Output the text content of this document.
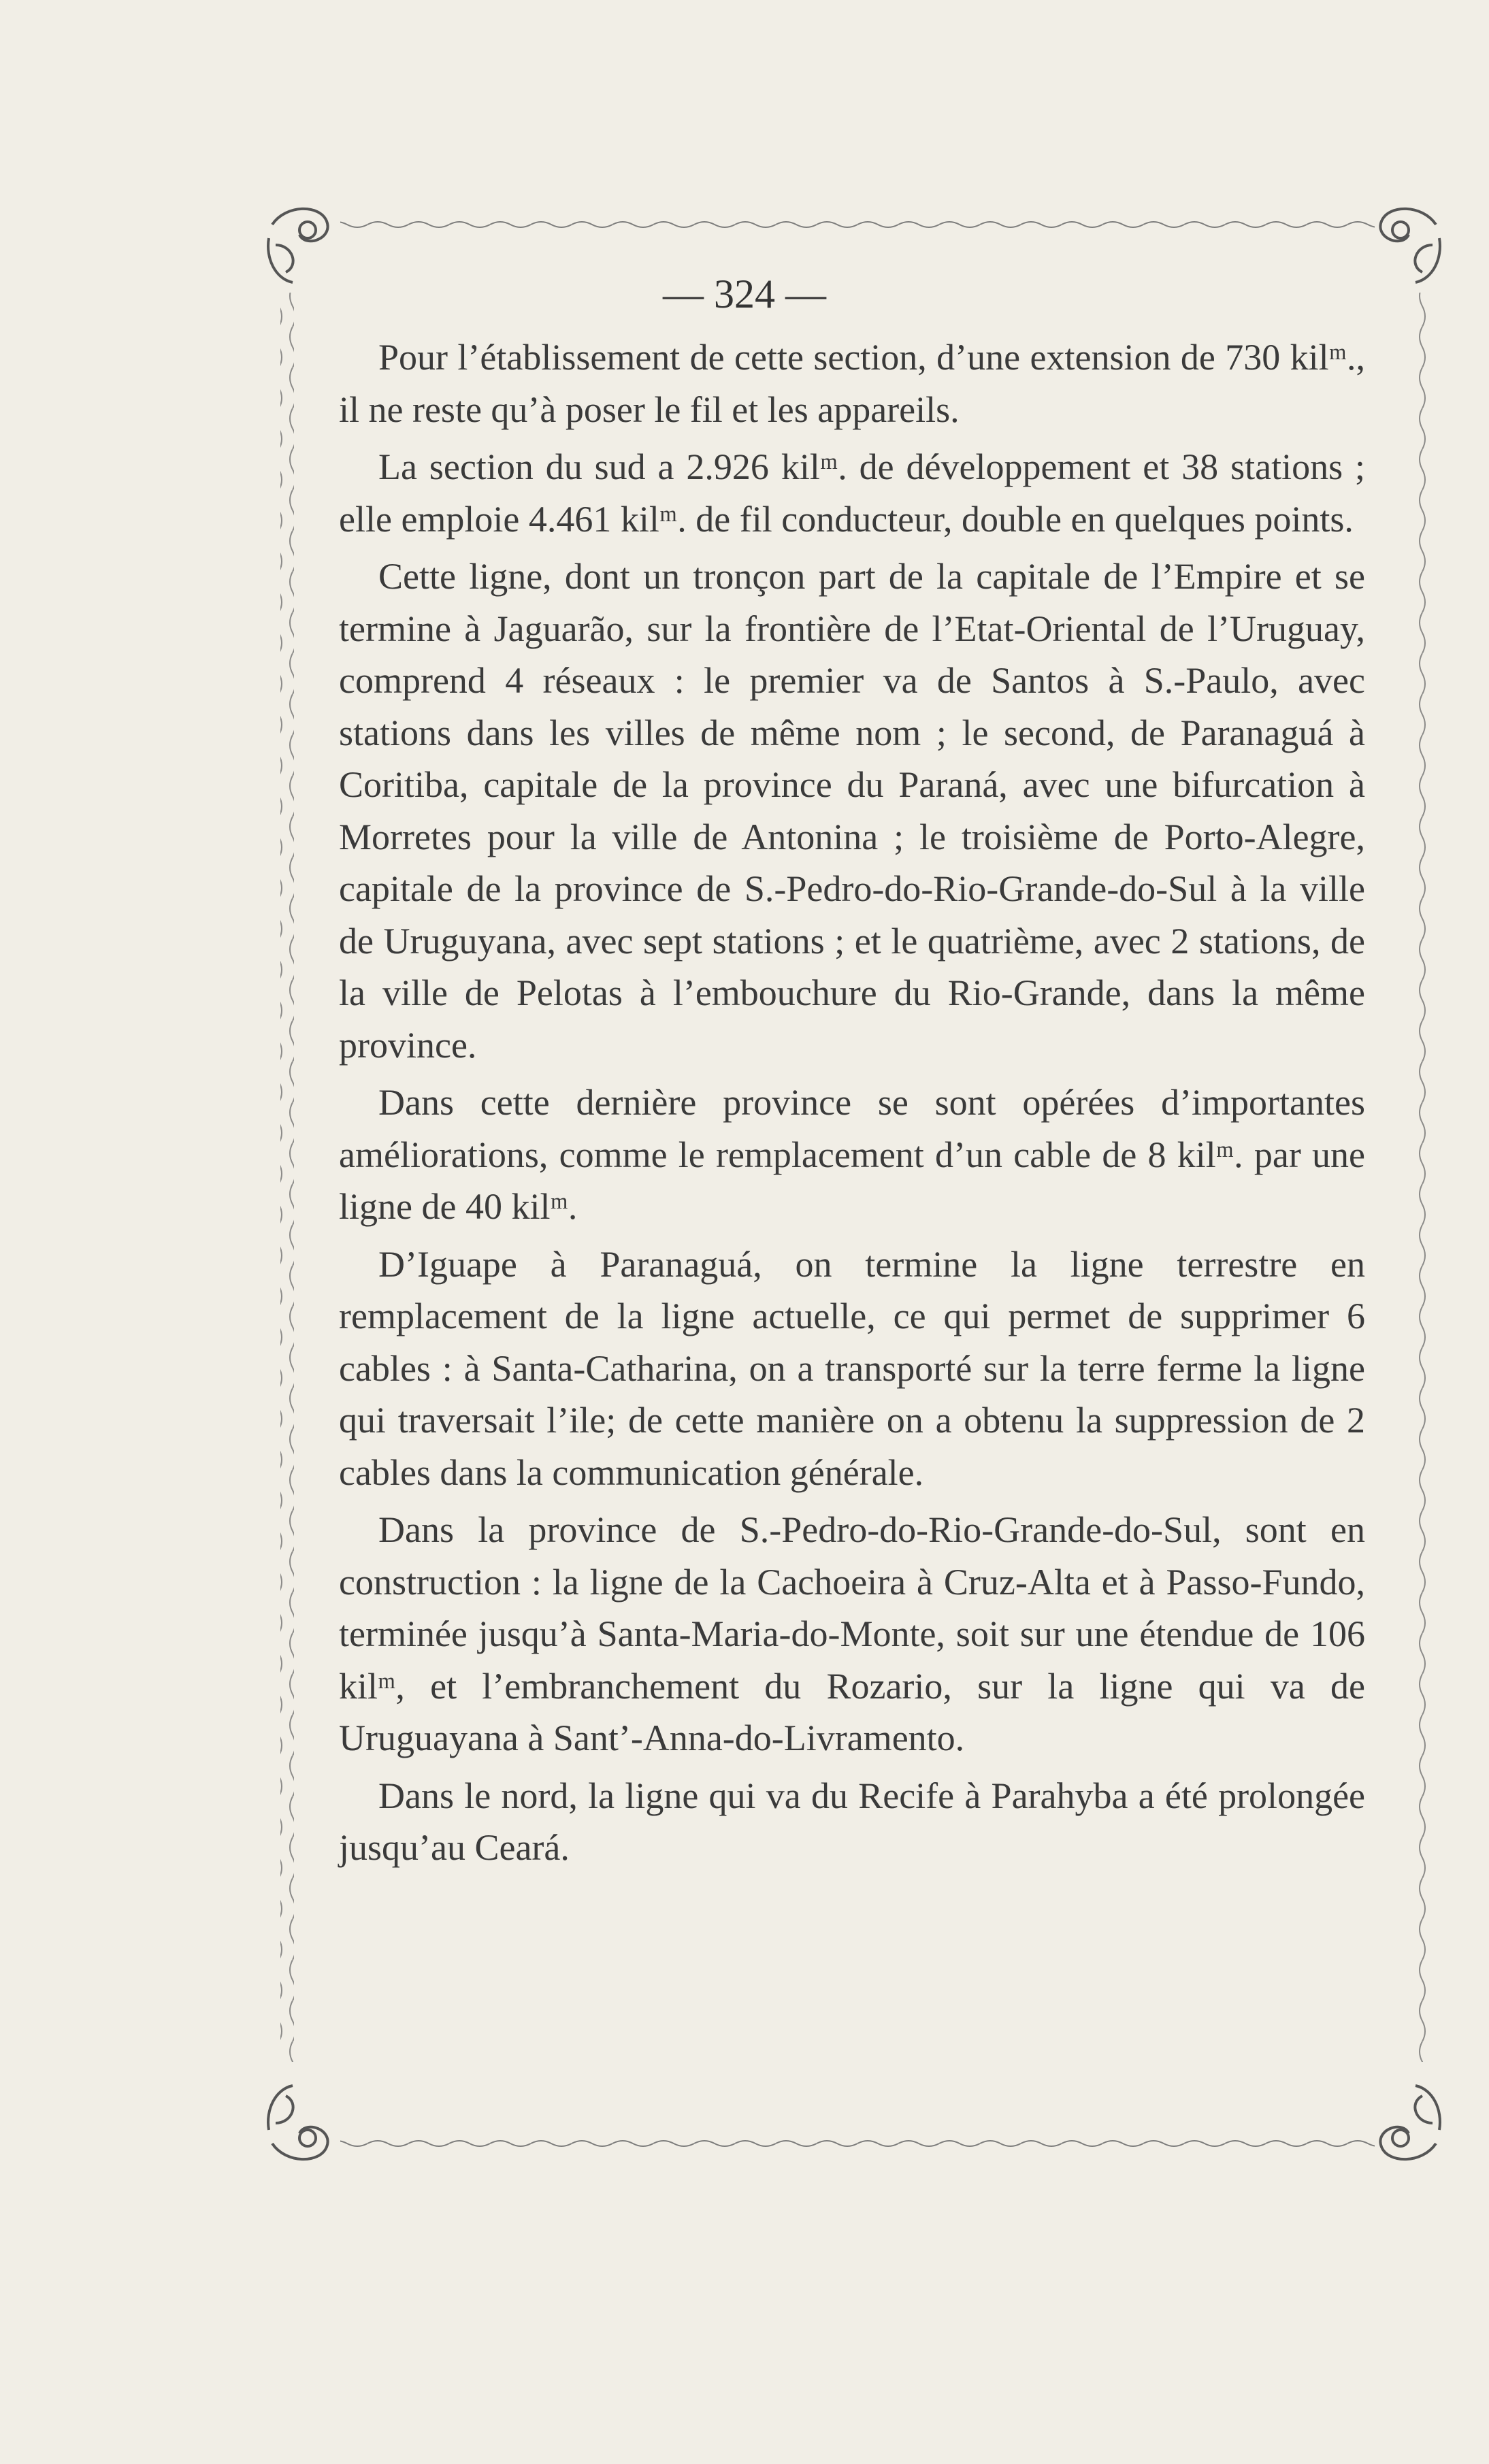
— 324 —

Pour l’établissement de cette section, d’une extension de 730 kilᵐ., il ne reste qu’à poser le fil et les appareils.

La section du sud a 2.926 kilᵐ. de développement et 38 stations ; elle emploie 4.461 kilᵐ. de fil conducteur, double en quelques points.

Cette ligne, dont un tronçon part de la capitale de l’Empire et se termine à Jaguarão, sur la frontière de l’Etat-Oriental de l’Uruguay, comprend 4 réseaux : le premier va de Santos à S.-Paulo, avec stations dans les villes de même nom ; le second, de Paranaguá à Coritiba, capitale de la province du Paraná, avec une bifurcation à Morretes pour la ville de Antonina ; le troisième de Porto-Alegre, capitale de la province de S.-Pedro-do-Rio-Grande-do-Sul à la ville de Uruguyana, avec sept stations ; et le quatrième, avec 2 stations, de la ville de Pelotas à l’embouchure du Rio-Grande, dans la même province.

Dans cette dernière province se sont opérées d’importantes améliorations, comme le remplacement d’un cable de 8 kilᵐ. par une ligne de 40 kilᵐ.

D’Iguape à Paranaguá, on termine la ligne terrestre en remplacement de la ligne actuelle, ce qui permet de supprimer 6 cables : à Santa-Catharina, on a transporté sur la terre ferme la ligne qui traversait l’ile; de cette manière on a obtenu la suppression de 2 cables dans la communication générale.

Dans la province de S.-Pedro-do-Rio-Grande-do-Sul, sont en construction : la ligne de la Cachoeira à Cruz-Alta et à Passo-Fundo, terminée jusqu’à Santa-Maria-do-Monte, soit sur une étendue de 106 kilᵐ, et l’embranchement du Rozario, sur la ligne qui va de Uruguayana à Sant’-Anna-do-Livramento.

Dans le nord, la ligne qui va du Recife à Parahyba a été prolongée jusqu’au Ceará.
